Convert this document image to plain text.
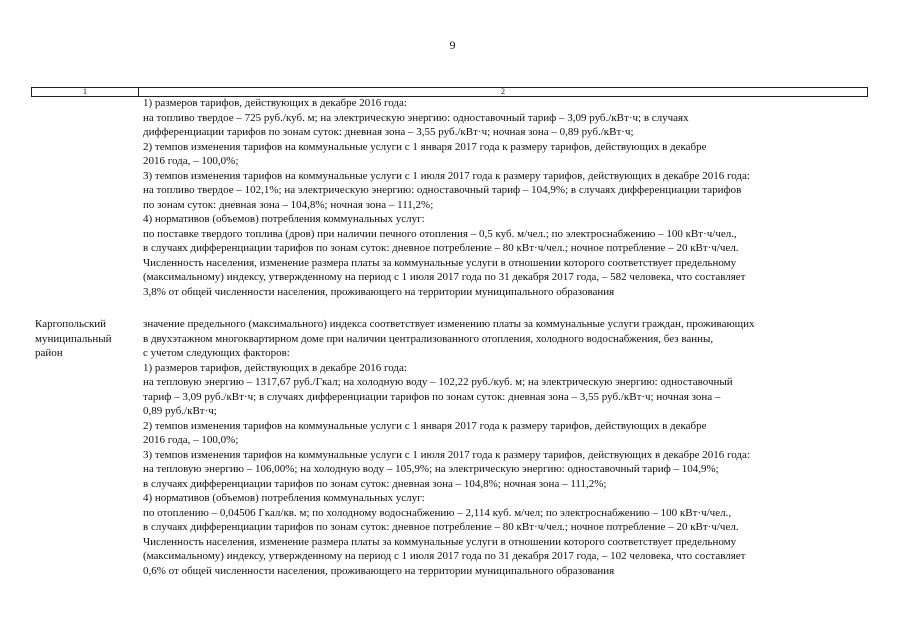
9
1	2
1) размеров тарифов, действующих в декабре 2016 года:
на топливо твердое – 725 руб./куб. м; на электрическую энергию: одноставочный тариф – 3,09 руб./кВт·ч; в случаях
дифференциации тарифов по зонам суток: дневная зона – 3,55 руб./кВт·ч; ночная зона – 0,89 руб./кВт·ч;
2) темпов изменения тарифов на коммунальные услуги с 1 января 2017 года к размеру тарифов, действующих в декабре
2016 года, – 100,0%;
3) темпов изменения тарифов на коммунальные услуги с 1 июля 2017 года к размеру тарифов, действующих в декабре 2016 года:
на топливо твердое – 102,1%; на электрическую энергию: одноставочный тариф – 104,9%; в случаях дифференциации тарифов
по зонам суток: дневная зона – 104,8%; ночная зона – 111,2%;
4) нормативов (объемов) потребления коммунальных услуг:
по поставке твердого топлива (дров) при наличии печного отопления – 0,5 куб. м/чел.; по электроснабжению – 100 кВт·ч/чел.,
в случаях дифференциации тарифов по зонам суток: дневное потребление – 80 кВт·ч/чел.; ночное потребление – 20 кВт·ч/чел.
Численность населения, изменение размера платы за коммунальные услуги в отношении которого соответствует предельному
(максимальному) индексу, утвержденному на период с 1 июля 2017 года по 31 декабря 2017 года, – 582 человека, что составляет
3,8% от общей численности населения, проживающего на территории муниципального образования
Каргопольский
муниципальный
район
значение предельного (максимального) индекса соответствует изменению платы за коммунальные услуги граждан, проживающих
в двухэтажном многоквартирном доме при наличии централизованного отопления, холодного водоснабжения, без ванны,
с учетом следующих факторов:
1) размеров тарифов, действующих в декабре 2016 года:
на тепловую энергию – 1317,67 руб./Гкал; на холодную воду – 102,22 руб./куб. м; на электрическую энергию: одноставочный
тариф – 3,09 руб./кВт·ч; в случаях дифференциации тарифов по зонам суток: дневная зона – 3,55 руб./кВт·ч; ночная зона –
0,89 руб./кВт·ч;
2) темпов изменения тарифов на коммунальные услуги с 1 января 2017 года к размеру тарифов, действующих в декабре
2016 года, – 100,0%;
3) темпов изменения тарифов на коммунальные услуги с 1 июля 2017 года к размеру тарифов, действующих в декабре 2016 года:
на тепловую энергию – 106,00%; на холодную воду – 105,9%; на электрическую энергию: одноставочный тариф – 104,9%;
в случаях дифференциации тарифов по зонам суток: дневная зона – 104,8%; ночная зона – 111,2%;
4) нормативов (объемов) потребления коммунальных услуг:
по отоплению – 0,04506 Гкал/кв. м; по холодному водоснабжению – 2,114 куб. м/чел; по электроснабжению – 100 кВт·ч/чел.,
в случаях дифференциации тарифов по зонам суток: дневное потребление – 80 кВт·ч/чел.; ночное потребление – 20 кВт·ч/чел.
Численность населения, изменение размера платы за коммунальные услуги в отношении которого соответствует предельному
(максимальному) индексу, утвержденному на период с 1 июля 2017 года по 31 декабря 2017 года, – 102 человека, что составляет
0,6% от общей численности населения, проживающего на территории муниципального образования
